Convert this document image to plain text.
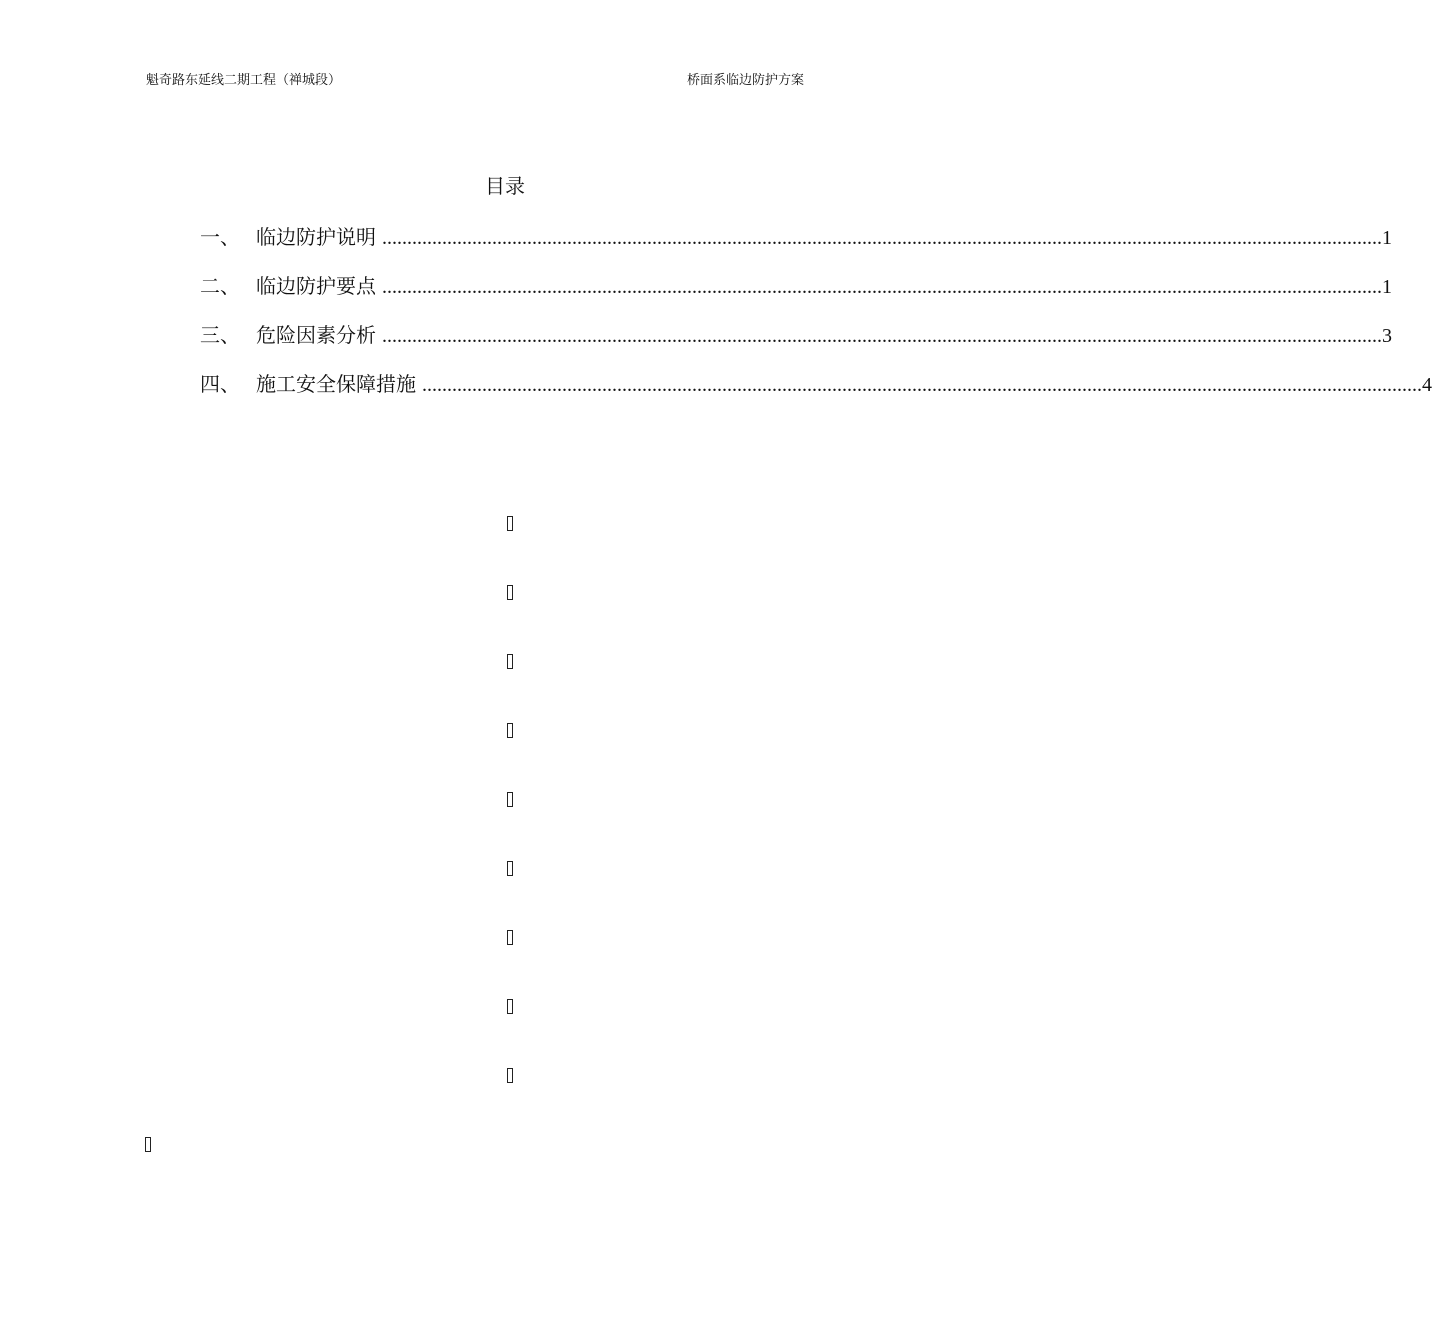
魁奇路东延线二期工程（禅城段）	桥面系临边防护方案
目录
一、 临边防护说明 ........................................................................................................................................................................................................ 1
二、 临边防护要点 ........................................................................................................................................................................................................ 1
三、 危险因素分析 ........................................................................................................................................................................................................ 3
四、 施工安全保障措施 ........................................................................................................................................................................................................ 4
